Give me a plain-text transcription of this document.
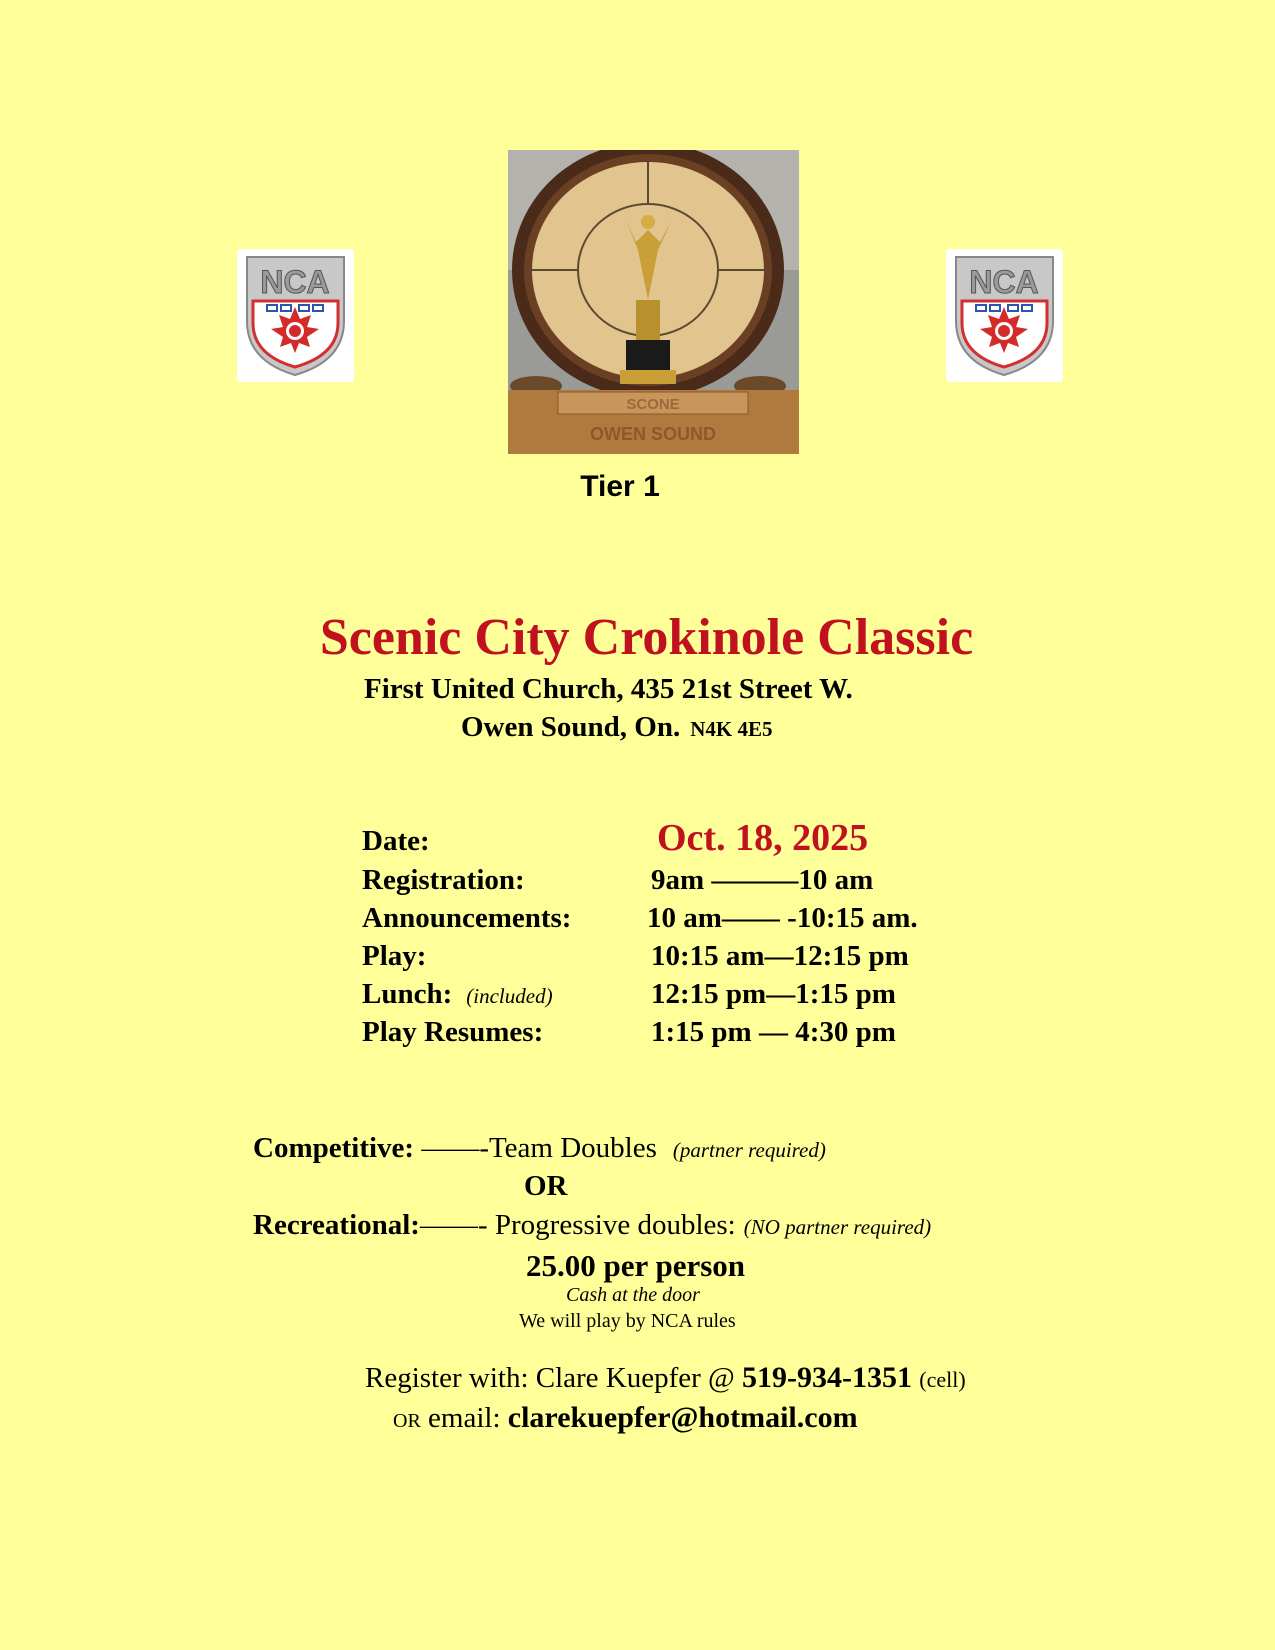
NCA	NCA
SCONE
OWEN SOUND
Tier 1
Scenic City Crokinole Classic
First United Church, 435 21st Street W.
Owen Sound, On. N4K 4E5
Date:	Oct. 18, 2025
Registration:	9am ———10 am
Announcements:	10 am—— -10:15 am.
Play:	10:15 am—12:15 pm
Lunch: (included)	12:15 pm—1:15 pm
Play Resumes:	1:15 pm — 4:30 pm
Competitive: ——-Team Doubles (partner required)
OR
Recreational:——- Progressive doubles: (NO partner required)
25.00 per person
Cash at the door
We will play by NCA rules
Register with: Clare Kuepfer @ 519-934-1351 (cell)
OR email: clarekuepfer@hotmail.com
